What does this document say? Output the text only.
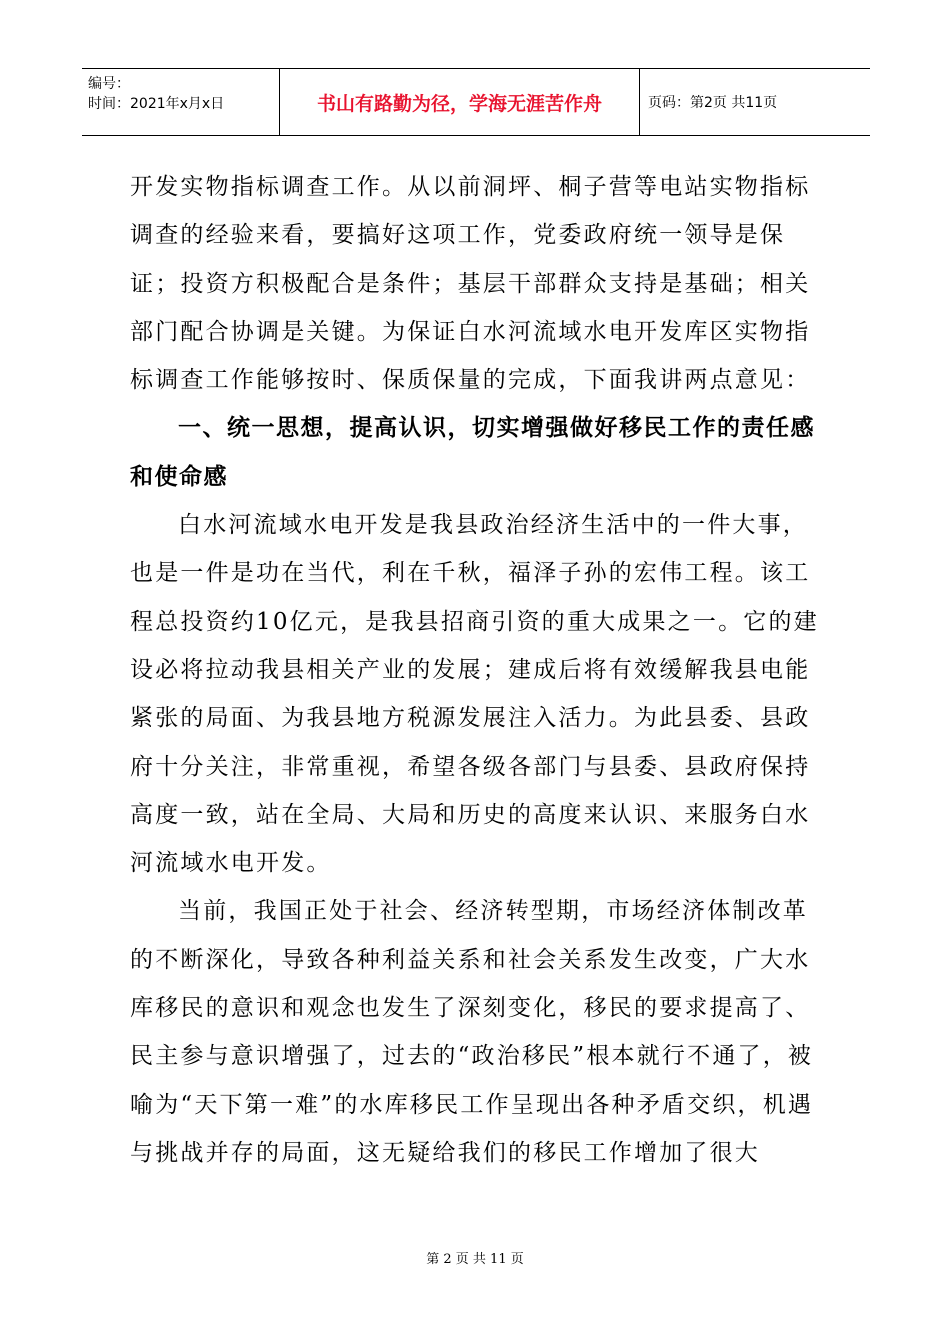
编号：
时间：2021年x月x日	书山有路勤为径，学海无涯苦作舟	页码：第2页 共11页

开发实物指标调查工作。从以前洞坪、桐子营等电站实物指标调查的经验来看，要搞好这项工作，党委政府统一领导是保证；投资方积极配合是条件；基层干部群众支持是基础；相关部门配合协调是关键。为保证白水河流域水电开发库区实物指标调查工作能够按时、保质保量的完成，下面我讲两点意见：

一、统一思想，提高认识，切实增强做好移民工作的责任感和使命感

白水河流域水电开发是我县政治经济生活中的一件大事，也是一件是功在当代，利在千秋，福泽子孙的宏伟工程。该工程总投资约10亿元，是我县招商引资的重大成果之一。它的建设必将拉动我县相关产业的发展；建成后将有效缓解我县电能紧张的局面、为我县地方税源发展注入活力。为此县委、县政府十分关注，非常重视，希望各级各部门与县委、县政府保持高度一致，站在全局、大局和历史的高度来认识、来服务白水河流域水电开发。

当前，我国正处于社会、经济转型期，市场经济体制改革的不断深化，导致各种利益关系和社会关系发生改变，广大水库移民的意识和观念也发生了深刻变化，移民的要求提高了、民主参与意识增强了，过去的“政治移民”根本就行不通了，被喻为“天下第一难”的水库移民工作呈现出各种矛盾交织，机遇与挑战并存的局面，这无疑给我们的移民工作增加了很大

第 2 页 共 11 页
